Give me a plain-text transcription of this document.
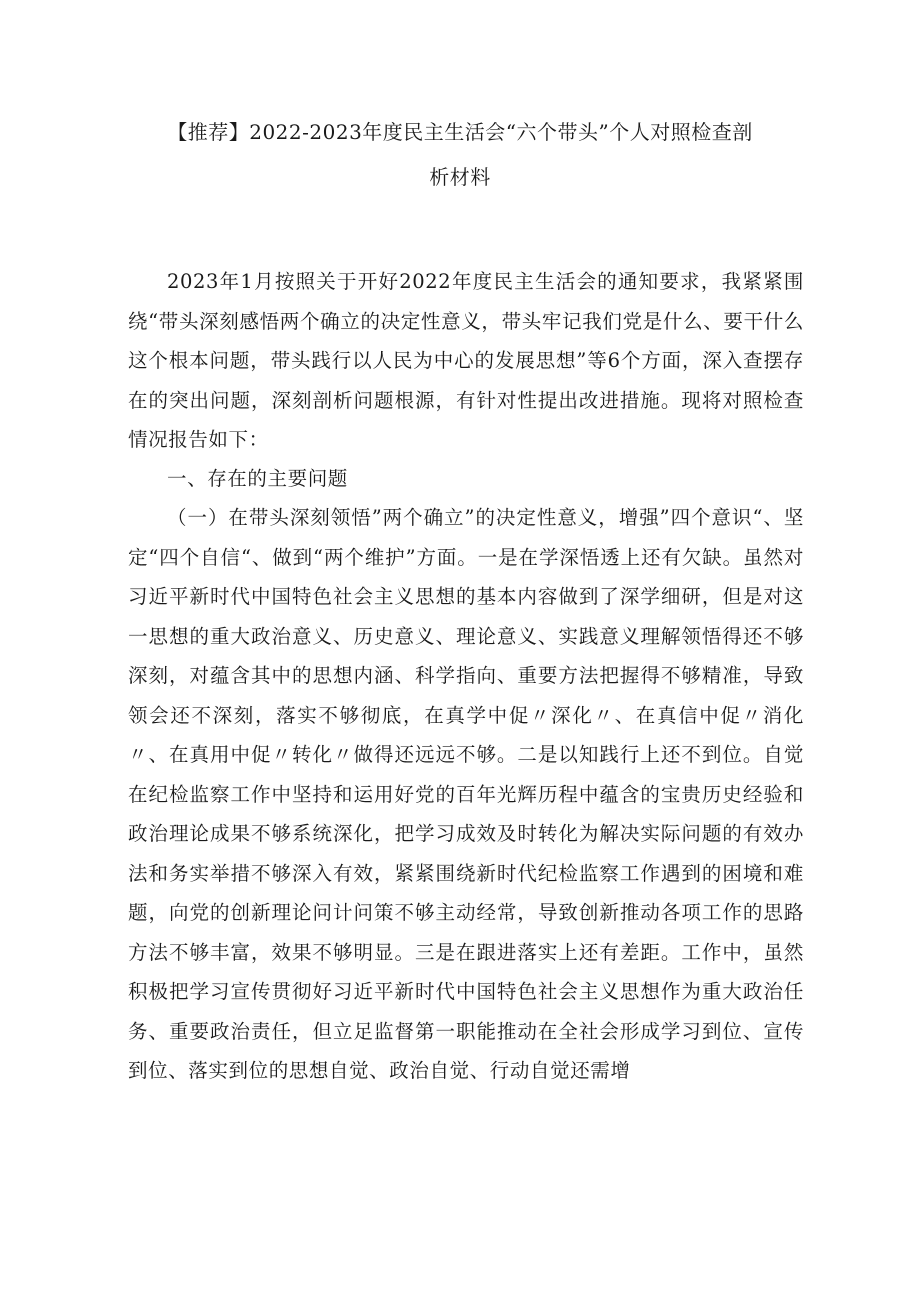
【推荐】2022-2023年度民主生活会“六个带头”个人对照检查剖

析材料

2023年1月按照关于开好2022年度民主生活会的通知要求，我紧紧围绕“带头深刻感悟两个确立的决定性意义，带头牢记我们党是什么、要干什么这个根本问题，带头践行以人民为中心的发展思想”等6个方面，深入查摆存在的突出问题，深刻剖析问题根源，有针对性提出改进措施。现将对照检查情况报告如下：

一、存在的主要问题

（一）在带头深刻领悟”两个确立”的决定性意义，增强”四个意识“、坚定“四个自信“、做到“两个维护”方面。一是在学深悟透上还有欠缺。虽然对习近平新时代中国特色社会主义思想的基本内容做到了深学细研，但是对这一思想的重大政治意义、历史意义、理论意义、实践意义理解领悟得还不够深刻，对蕴含其中的思想内涵、科学指向、重要方法把握得不够精准，导致领会还不深刻，落实不够彻底，在真学中促〃深化〃、在真信中促〃消化〃、在真用中促〃转化〃做得还远远不够。二是以知践行上还不到位。自觉在纪检监察工作中坚持和运用好党的百年光辉历程中蕴含的宝贵历史经验和政治理论成果不够系统深化，把学习成效及时转化为解决实际问题的有效办法和务实举措不够深入有效，紧紧围绕新时代纪检监察工作遇到的困境和难题，向党的创新理论问计问策不够主动经常，导致创新推动各项工作的思路方法不够丰富，效果不够明显。三是在跟进落实上还有差距。工作中，虽然积极把学习宣传贯彻好习近平新时代中国特色社会主义思想作为重大政治任务、重要政治责任，但立足监督第一职能推动在全社会形成学习到位、宣传到位、落实到位的思想自觉、政治自觉、行动自觉还需增
